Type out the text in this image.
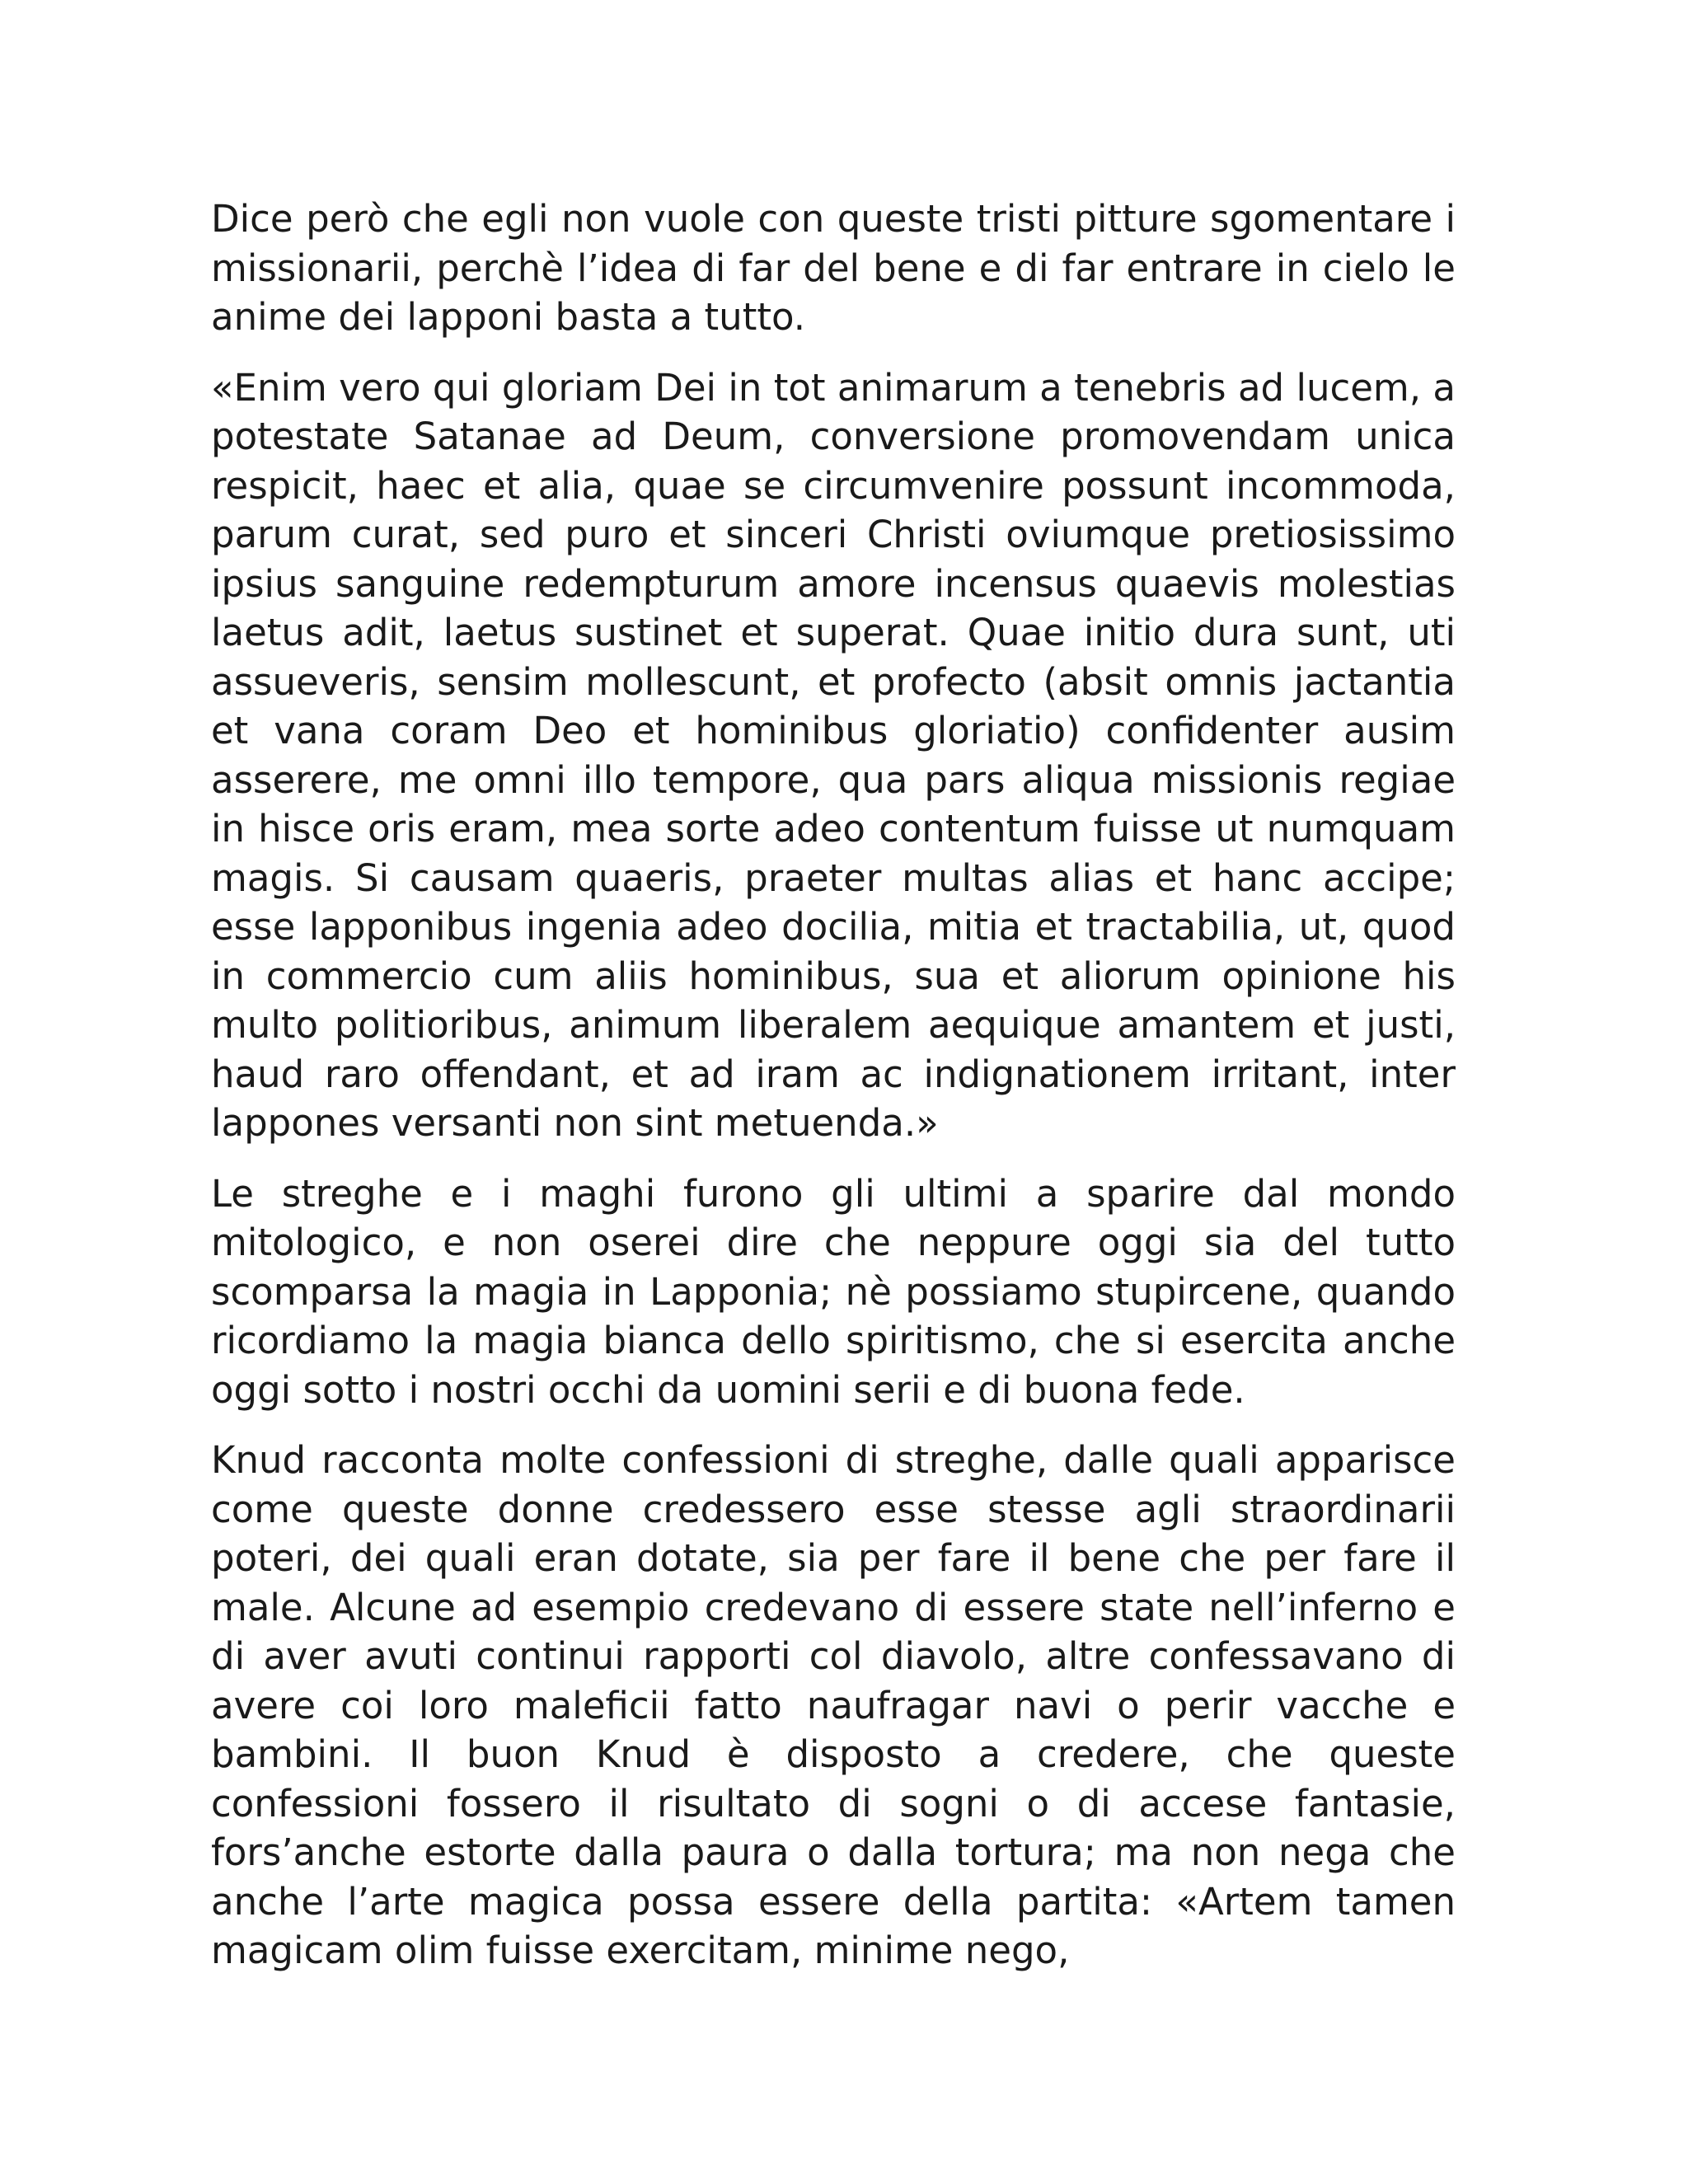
Dice però che egli non vuole con queste tristi pitture sgomentare i missionarii, perchè l’idea di far del bene e di far entrare in cielo le anime dei lapponi basta a tutto.

«Enim vero qui gloriam Dei in tot animarum a tenebris ad lucem, a potestate Satanae ad Deum, conversione promovendam unica respicit, haec et alia, quae se circumvenire possunt incommoda, parum curat, sed puro et sinceri Christi oviumque pretiosissimo ipsius sanguine redempturum amore incensus quaevis molestias laetus adit, laetus sustinet et superat. Quae initio dura sunt, uti assueveris, sensim mollescunt, et profecto (absit omnis jactantia et vana coram Deo et hominibus gloriatio) confidenter ausim asserere, me omni illo tempore, qua pars aliqua missionis regiae in hisce oris eram, mea sorte adeo contentum fuisse ut numquam magis. Si causam quaeris, praeter multas alias et hanc accipe; esse lapponibus ingenia adeo docilia, mitia et tractabilia, ut, quod in commercio cum aliis hominibus, sua et aliorum opinione his multo politioribus, animum liberalem aequique amantem et justi, haud raro offendant, et ad iram ac indignationem irritant, inter lappones versanti non sint metuenda.»

Le streghe e i maghi furono gli ultimi a sparire dal mondo mitologico, e non oserei dire che neppure oggi sia del tutto scomparsa la magia in Lapponia; nè possiamo stupircene, quando ricordiamo la magia bianca dello spiritismo, che si esercita anche oggi sotto i nostri occhi da uomini serii e di buona fede.

Knud racconta molte confessioni di streghe, dalle quali apparisce come queste donne credessero esse stesse agli straordinarii poteri, dei quali eran dotate, sia per fare il bene che per fare il male. Alcune ad esempio credevano di essere state nell’inferno e di aver avuti continui rapporti col diavolo, altre confessavano di avere coi loro maleficii fatto naufragar navi o perir vacche e bambini. Il buon Knud è disposto a credere, che queste confessioni fossero il risultato di sogni o di accese fantasie, fors’anche estorte dalla paura o dalla tortura; ma non nega che anche l’arte magica possa essere della partita: «Artem tamen magicam olim fuisse exercitam, minime nego,
